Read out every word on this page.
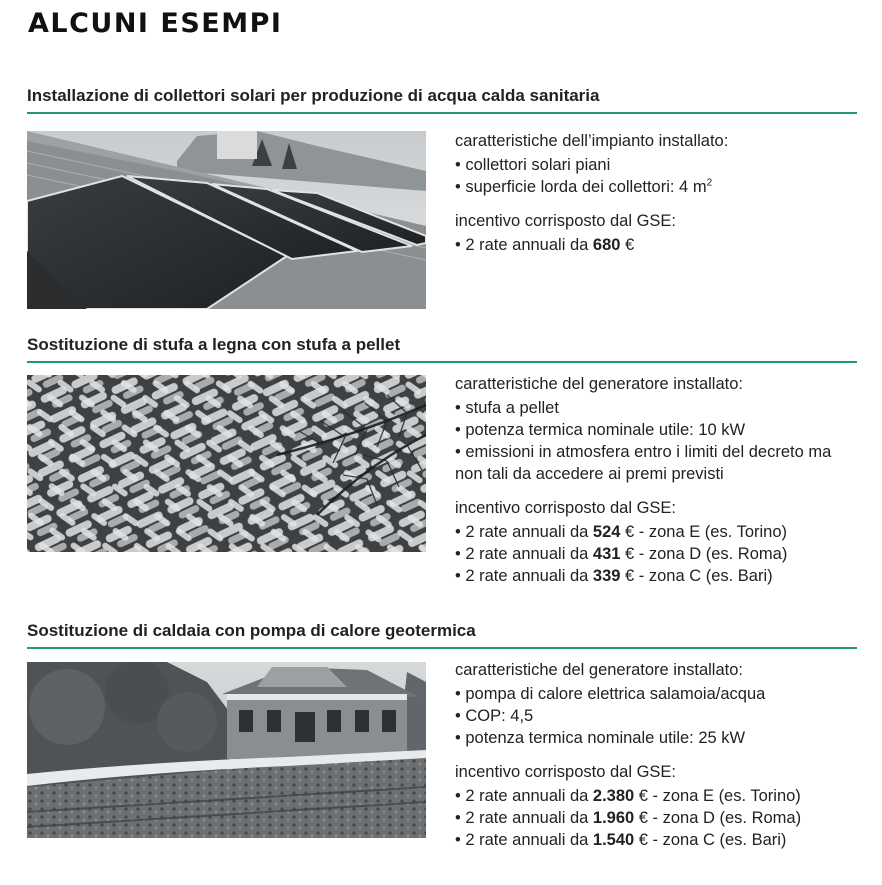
ALCUNI ESEMPI
Installazione di collettori solari per produzione di acqua calda sanitaria
caratteristiche dell’impianto installato:
• collettori solari piani
• superficie lorda dei collettori: 4 $m^2$
incentivo corrisposto dal GSE:
• 2 rate annuali da 680 €
Sostituzione di stufa a legna con stufa a pellet
caratteristiche del generatore installato:
• stufa a pellet
• potenza termica nominale utile: 10 kW
• emissioni in atmosfera entro i limiti del decreto ma non tali da accedere ai premi previsti
incentivo corrisposto dal GSE:
• 2 rate annuali da 524 € - zona E (es. Torino)
• 2 rate annuali da 431 € - zona D (es. Roma)
• 2 rate annuali da 339 € - zona C (es. Bari)
Sostituzione di caldaia con pompa di calore geotermica
caratteristiche del generatore installato:
• pompa di calore elettrica salamoia/acqua
• COP: 4,5
• potenza termica nominale utile: 25 kW
incentivo corrisposto dal GSE:
• 2 rate annuali da 2.380 € - zona E (es. Torino)
• 2 rate annuali da 1.960 € - zona D (es. Roma)
• 2 rate annuali da 1.540 € - zona C (es. Bari)
